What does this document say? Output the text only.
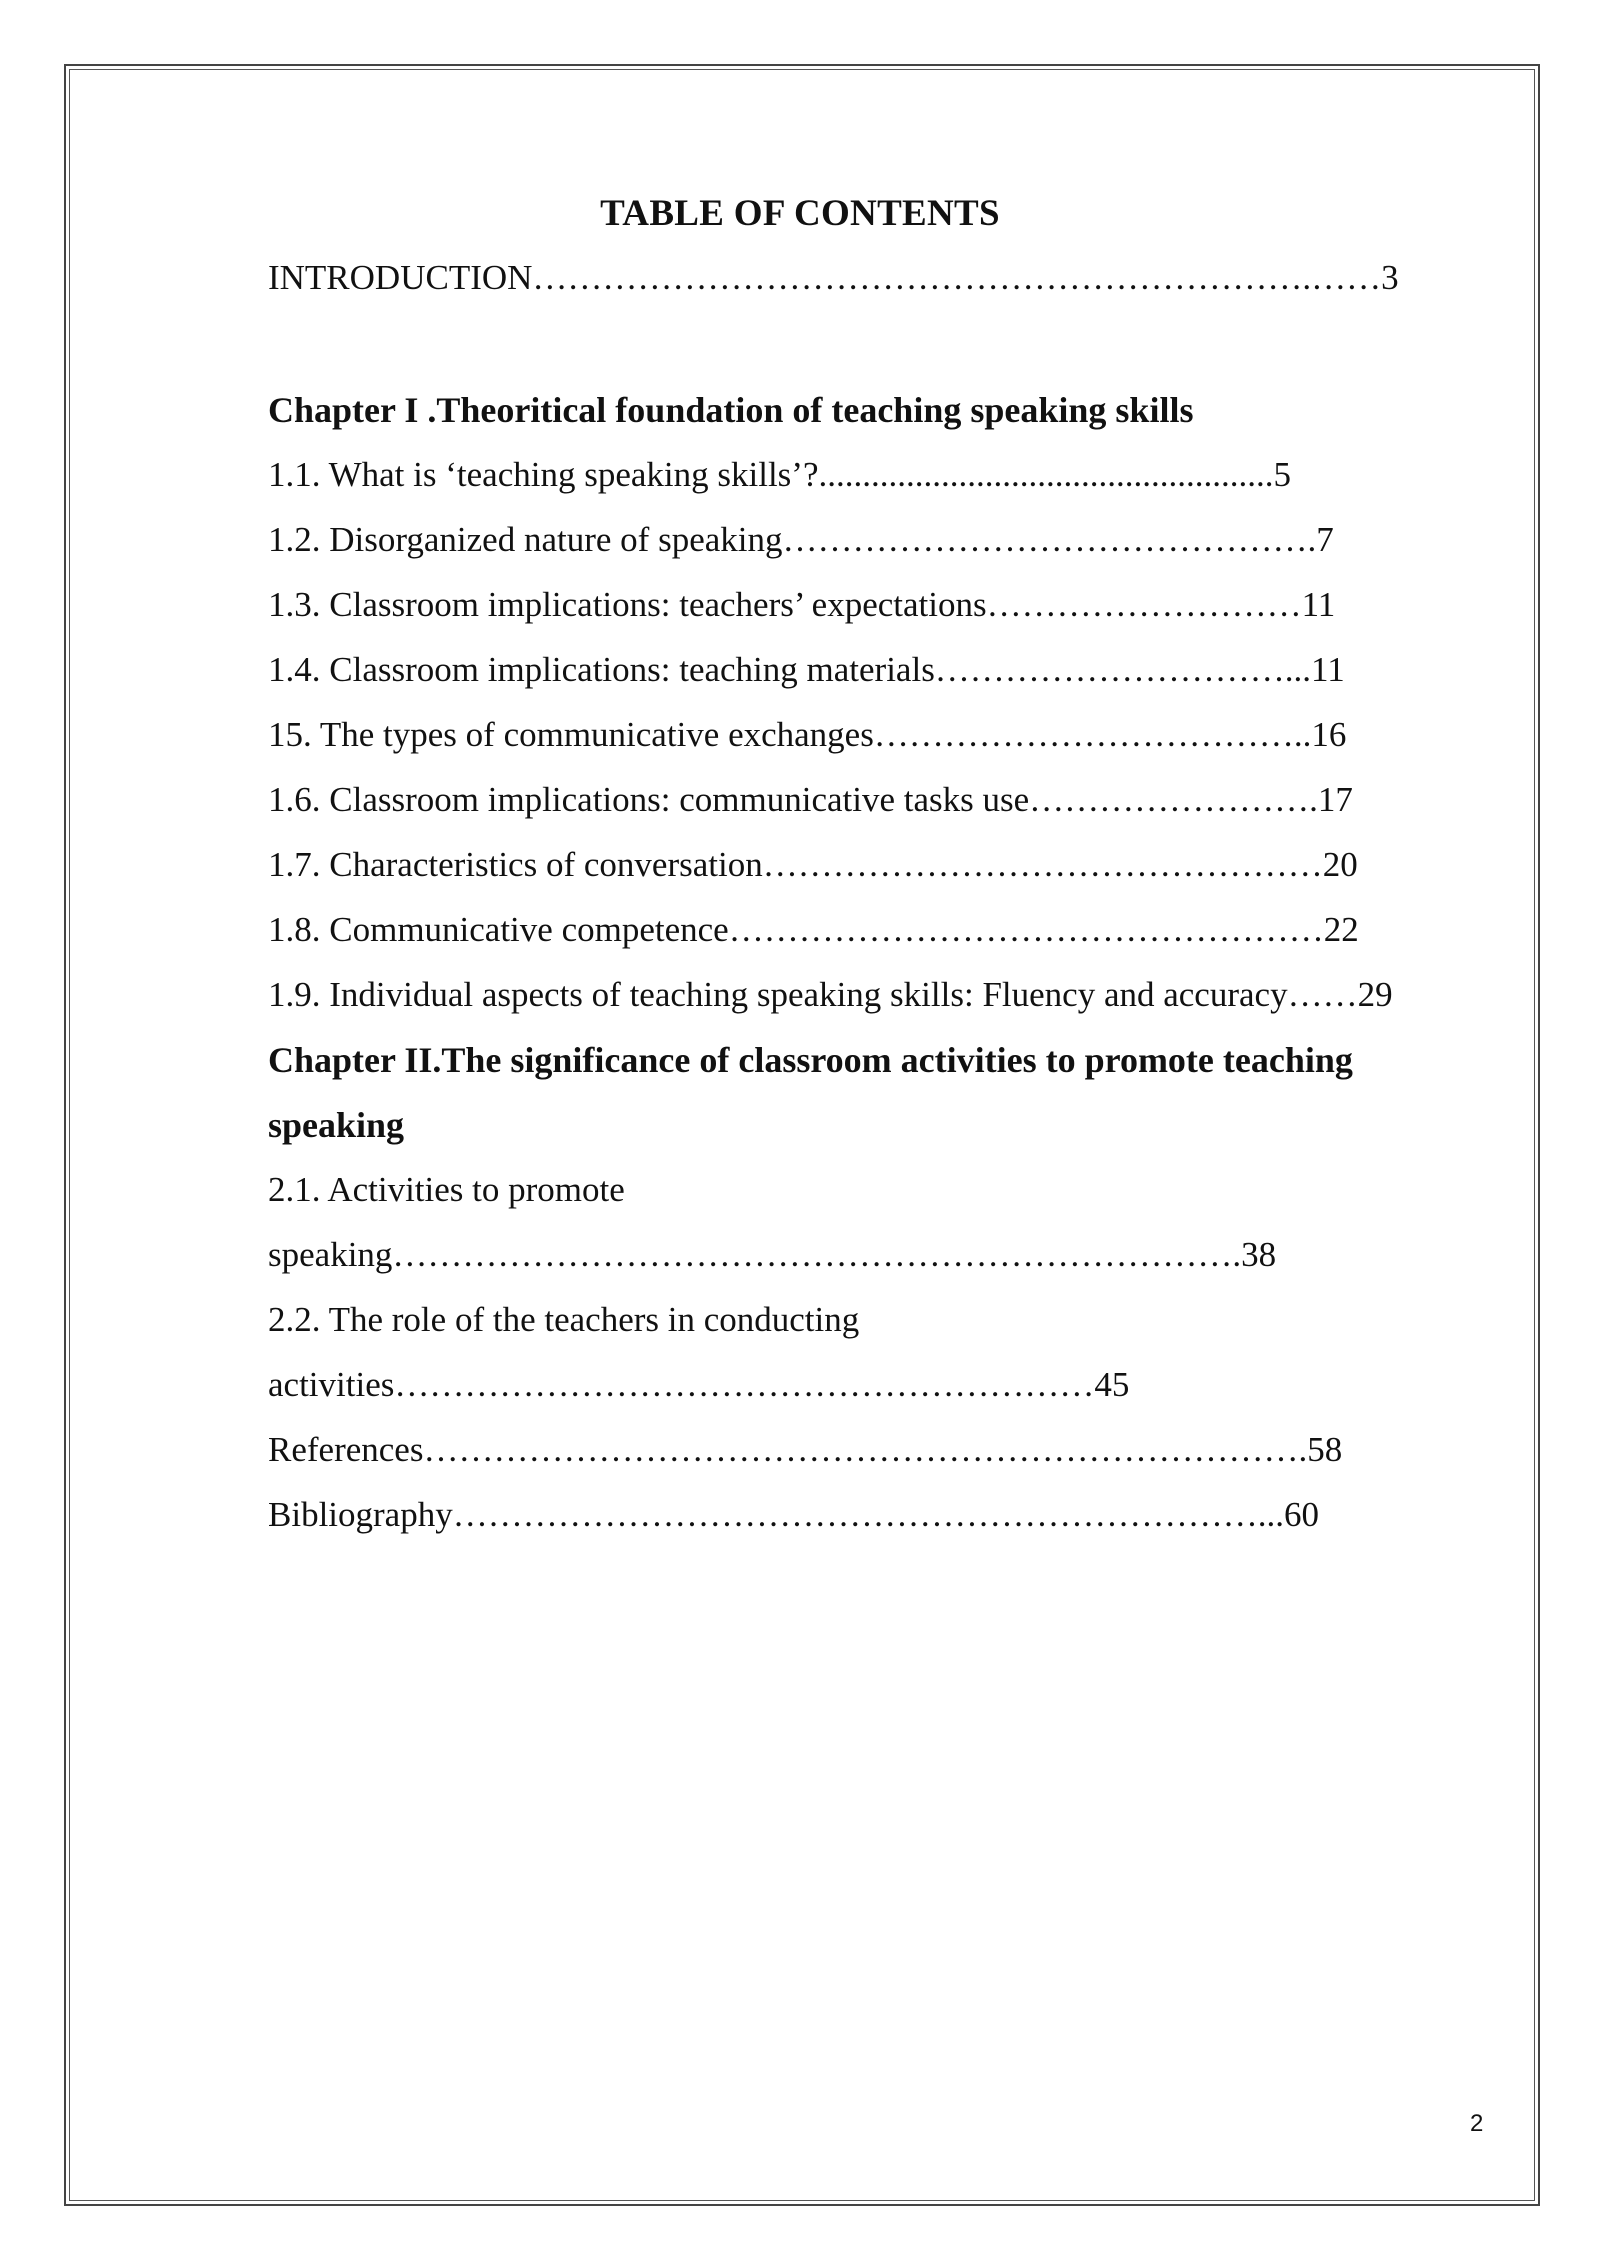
TABLE OF CONTENTS
INTRODUCTION………………………………………………………….……3
Chapter I .Theoritical foundation of teaching speaking skills
1.1. What is ‘teaching speaking skills’?....................................................5
1.2. Disorganized nature of speaking……………………………………….7
1.3. Classroom implications: teachers’ expectations………………………11
1.4. Classroom implications: teaching materials…………………………...11
15. The types of communicative exchanges………………………………..16
1.6. Classroom implications: communicative tasks use…………………….17
1.7. Characteristics of conversation…………………………………………20
1.8. Communicative competence……………………………………………22
1.9. Individual aspects of teaching speaking skills: Fluency and accuracy……29
Chapter II.The significance of classroom activities to promote teaching
speaking
2.1. Activities to promote
speaking……………………………………………………………….38
2.2. The role of the teachers in conducting
activities……………………………………………………45
References………………………………………………………………….58
Bibliography……………………………………………………………...60
2
